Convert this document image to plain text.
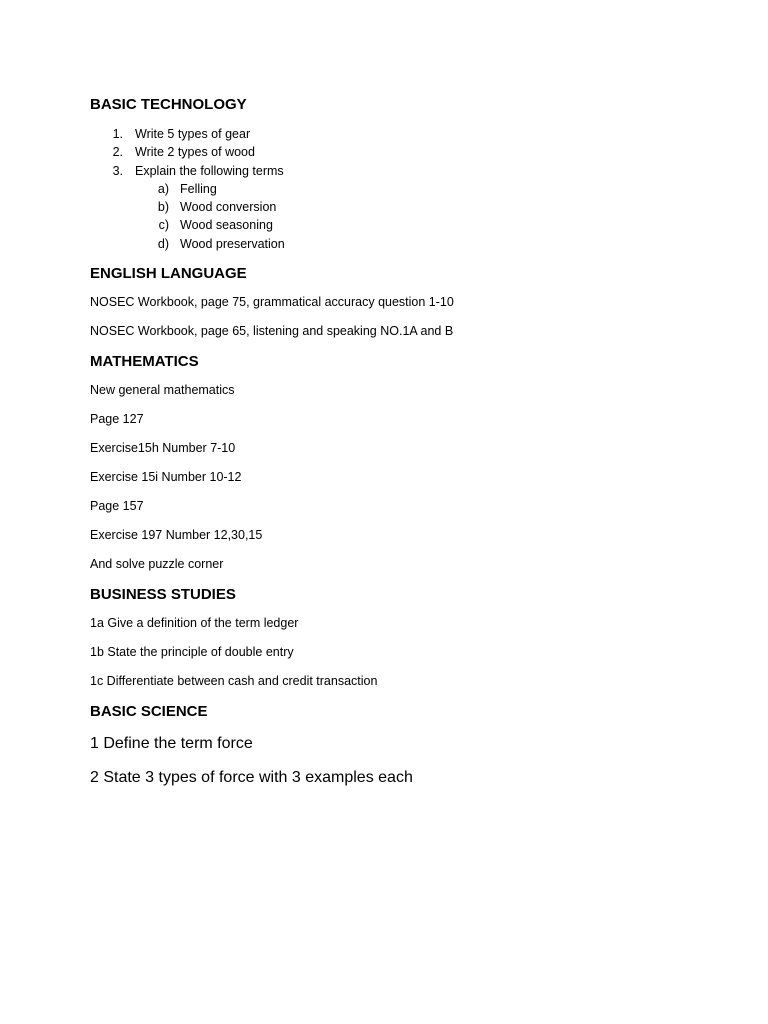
BASIC TECHNOLOGY

1. Write 5 types of gear
2. Write 2 types of wood
3. Explain the following terms
a) Felling
b) Wood conversion
c) Wood seasoning
d) Wood preservation

ENGLISH LANGUAGE

NOSEC Workbook, page 75, grammatical accuracy question 1-10

NOSEC Workbook, page 65, listening and speaking NO.1A and B

MATHEMATICS

New general mathematics

Page 127

Exercise15h Number 7-10

Exercise 15i Number 10-12

Page 157

Exercise 197 Number 12,30,15

And solve puzzle corner

BUSINESS STUDIES

1a Give a definition of the term ledger

1b State the principle of double entry

1c Differentiate between cash and credit transaction

BASIC SCIENCE

1 Define the term force

2 State 3 types of force with 3 examples each
